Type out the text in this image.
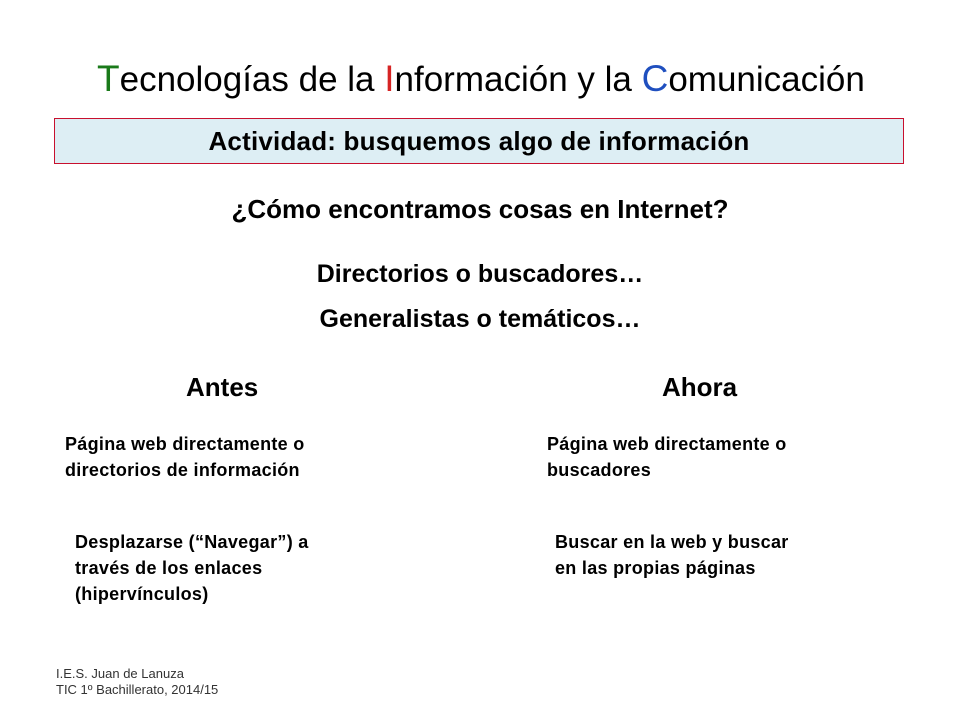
Tecnologías de la Información y la Comunicación
Actividad: busquemos algo de información
¿Cómo encontramos cosas en Internet?
Directorios o buscadores…
Generalistas o temáticos…
Antes	Ahora
Página web directamente o
directorios de información
Desplazarse (“Navegar”) a
través de los enlaces
(hipervínculos)
Página web directamente o
buscadores
Buscar en la web y buscar
en las propias páginas
I.E.S. Juan de Lanuza
TIC 1º Bachillerato, 2014/15
